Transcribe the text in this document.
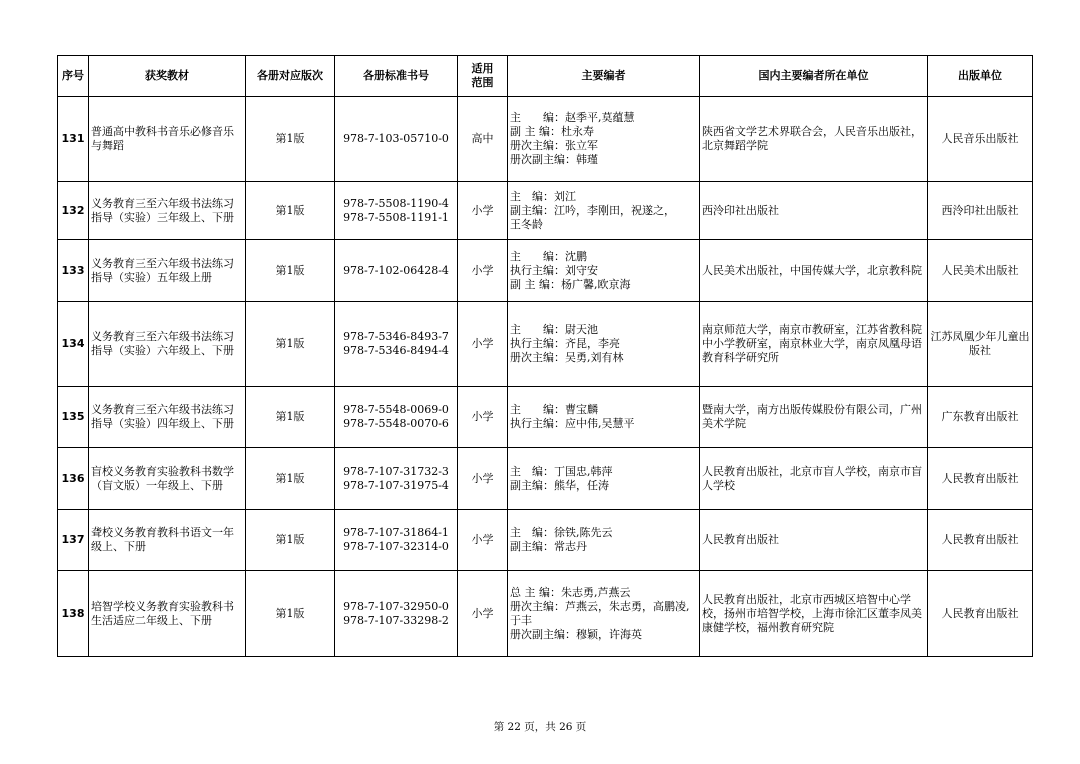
序号	获奖教材	各册对应版次	各册标准书号	适用
范围	主要编者	国内主要编者所在单位	出版单位
131	普通高中教科书音乐必修音乐与舞蹈	第1版	978-7-103-05710-0	高中	主　　编：赵季平,莫蕴慧
副 主 编：杜永寿
册次主编：张立军
册次副主编：韩瑾	陕西省文学艺术界联合会，人民音乐出版社，北京舞蹈学院	人民音乐出版社
132	义务教育三至六年级书法练习指导（实验）三年级上、下册	第1版	978-7-5508-1190-4
978-7-5508-1191-1	小学	主　编：刘江
副主编：江吟，李刚田，祝遂之，
王冬龄	西泠印社出版社	西泠印社出版社
133	义务教育三至六年级书法练习指导（实验）五年级上册	第1版	978-7-102-06428-4	小学	主　　编：沈鹏
执行主编：刘守安
副 主 编：杨广馨,欧京海	人民美术出版社，中国传媒大学，北京教科院	人民美术出版社
134	义务教育三至六年级书法练习指导（实验）六年级上、下册	第1版	978-7-5346-8493-7
978-7-5346-8494-4	小学	主　　编：尉天池
执行主编：齐昆，李亮
册次主编：吴勇,刘有林	南京师范大学，南京市教研室，江苏省教科院中小学教研室，南京林业大学，南京凤凰母语教育科学研究所	江苏凤凰少年儿童出版社
135	义务教育三至六年级书法练习指导（实验）四年级上、下册	第1版	978-7-5548-0069-0
978-7-5548-0070-6	小学	主　　编：曹宝麟
执行主编：应中伟,吴慧平	暨南大学，南方出版传媒股份有限公司，广州美术学院	广东教育出版社
136	盲校义务教育实验教科书数学（盲文版）一年级上、下册	第1版	978-7-107-31732-3
978-7-107-31975-4	小学	主　编：丁国忠,韩萍
副主编：熊华，任涛	人民教育出版社，北京市盲人学校，南京市盲人学校	人民教育出版社
137	聋校义务教育教科书语文一年级上、下册	第1版	978-7-107-31864-1
978-7-107-32314-0	小学	主　编：徐铁,陈先云
副主编：常志丹	人民教育出版社	人民教育出版社
138	培智学校义务教育实验教科书生活适应二年级上、下册	第1版	978-7-107-32950-0
978-7-107-33298-2	小学	总 主 编：朱志勇,芦燕云
册次主编：芦燕云，朱志勇，高鹏凌,于丰
册次副主编：穆颖，许海英	人民教育出版社，北京市西城区培智中心学校，扬州市培智学校，上海市徐汇区董李凤美康健学校，福州教育研究院	人民教育出版社
第 22 页，共 26 页
